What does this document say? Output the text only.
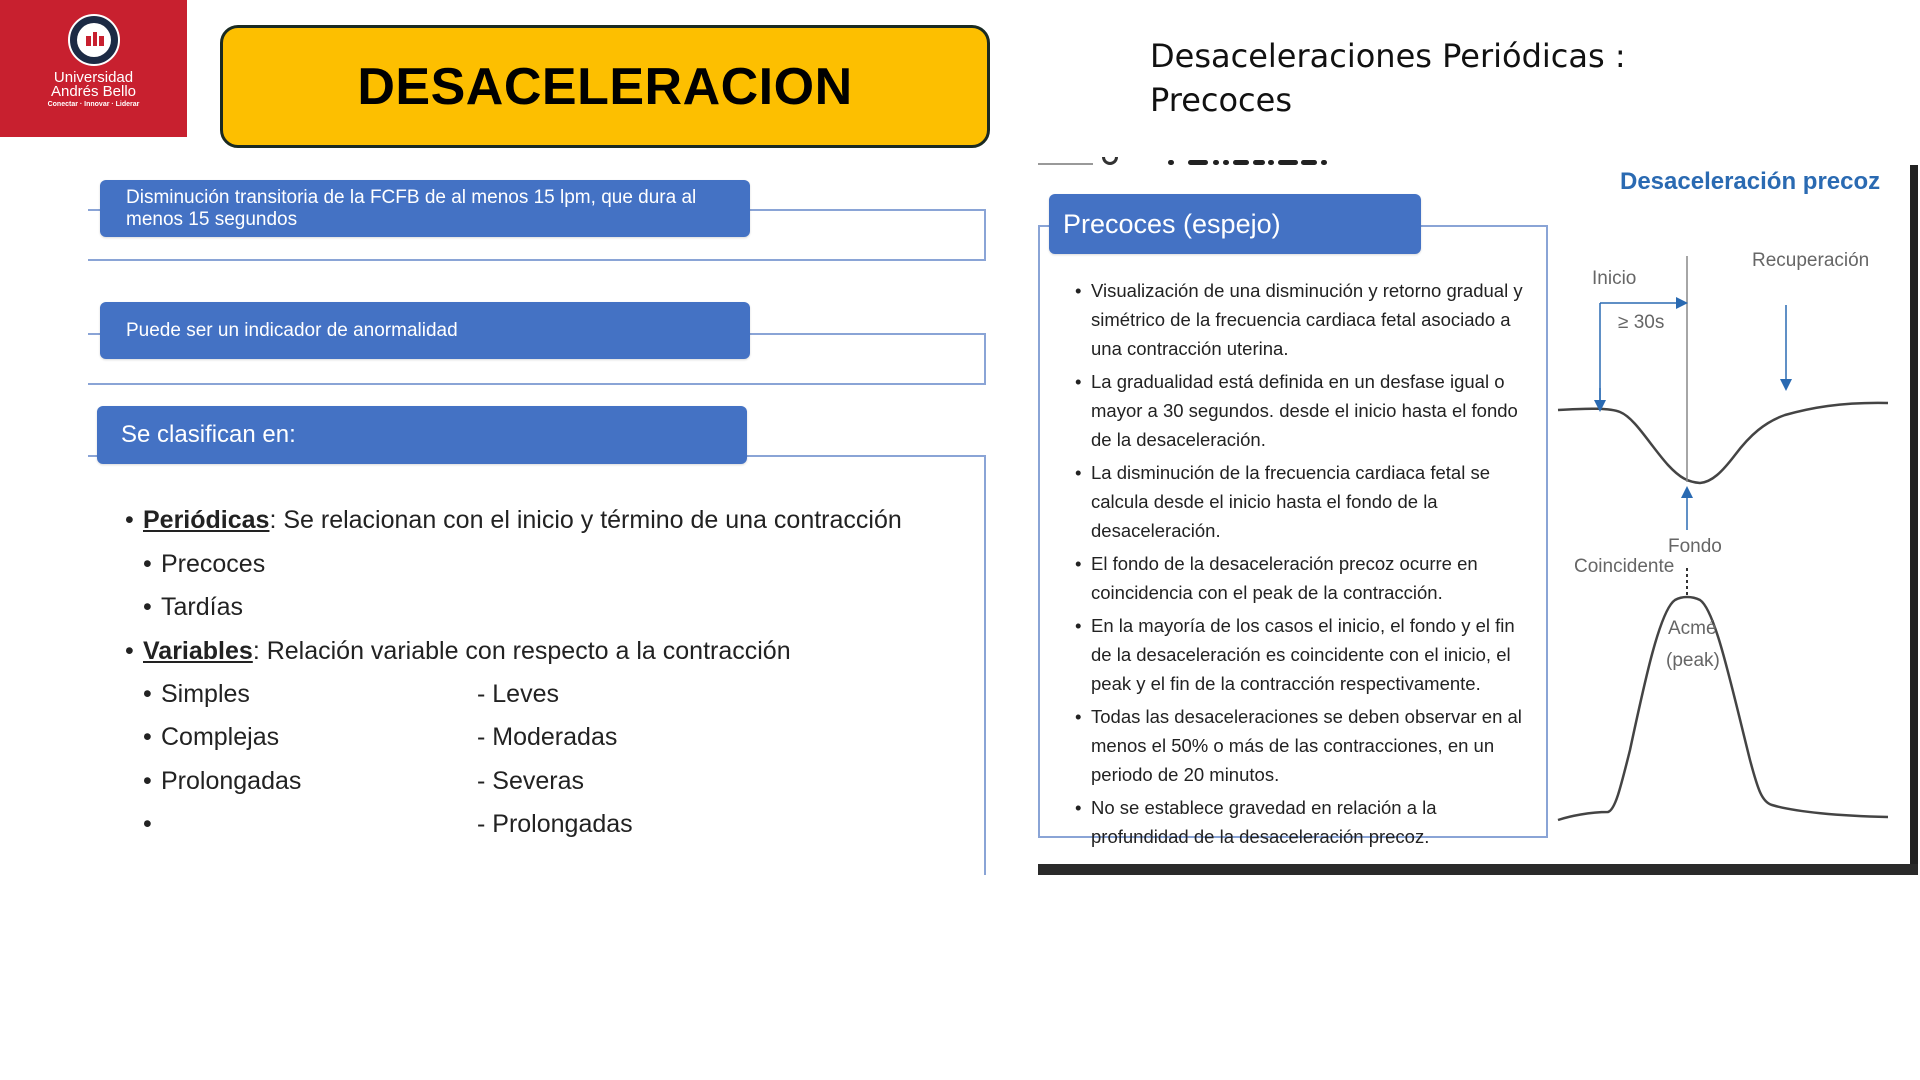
Universidad
Andrés Bello
Conectar · Innovar · Liderar	DESACELERACION
Desaceleraciones Periódicas :
Precoces
Disminución transitoria de la FCFB de al menos 15 lpm, que dura al menos 15 segundos
Puede ser un indicador de anormalidad
Se clasifican en:
• Periódicas: Se relacionan con el inicio y término de una contracción
• Precoces
• Tardías
• Variables: Relación variable con respecto a la contracción
• Simples
• Complejas
• Prolongadas
•
- Leves
- Moderadas
- Severas
- Prolongadas
Precoces (espejo)
• Visualización de una disminución y retorno gradual y simétrico de la frecuencia cardiaca fetal asociado a una contracción uterina.
• La gradualidad está definida en un desfase igual o mayor a 30 segundos. desde el inicio hasta el fondo de la desaceleración.
• La disminución de la frecuencia cardiaca fetal se calcula desde el inicio hasta el fondo de la desaceleración.
• El fondo de la desaceleración precoz ocurre en coincidencia con el peak de la contracción.
• En la mayoría de los casos el inicio, el fondo y el fin de la desaceleración es coincidente con el inicio, el peak y el fin de la contracción respectivamente.
• Todas las desaceleraciones se deben observar en al menos el 50% o más de las contracciones, en un periodo de 20 minutos.
• No se establece gravedad en relación a la profundidad de la desaceleración precoz.
Desaceleración precoz
Inicio
≥ 30s
Recuperación
Fondo
Coincidente
Acmé
(peak)
